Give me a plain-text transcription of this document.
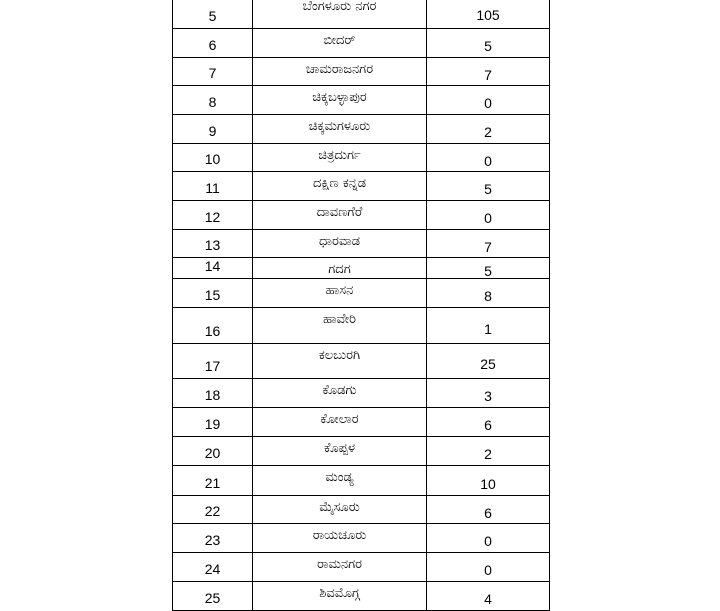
5	ಬೆಂಗಳೂರು ನಗರ	105
6	ಬೀದರ್	5
7	ಚಾಮರಾಜನಗರ	7
8	ಚಿಕ್ಕಬಳ್ಳಾಪುರ	0
9	ಚಿಕ್ಕಮಗಳೂರು	2
10	ಚಿತ್ರದುರ್ಗ	0
11	ದಕ್ಷಿಣ ಕನ್ನಡ	5
12	ದಾವಣಗೆರೆ	0
13	ಧಾರವಾಡ	7
14	ಗದಗ	5
15	ಹಾಸನ	8
16	ಹಾವೇರಿ	1
17	ಕಲಬುರಗಿ	25
18	ಕೊಡಗು	3
19	ಕೋಲಾರ	6
20	ಕೊಪ್ಪಳ	2
21	ಮಂಡ್ಯ	10
22	ಮೈಸೂರು	6
23	ರಾಯಚೂರು	0
24	ರಾಮನಗರ	0
25	ಶಿವಮೊಗ್ಗ	4
